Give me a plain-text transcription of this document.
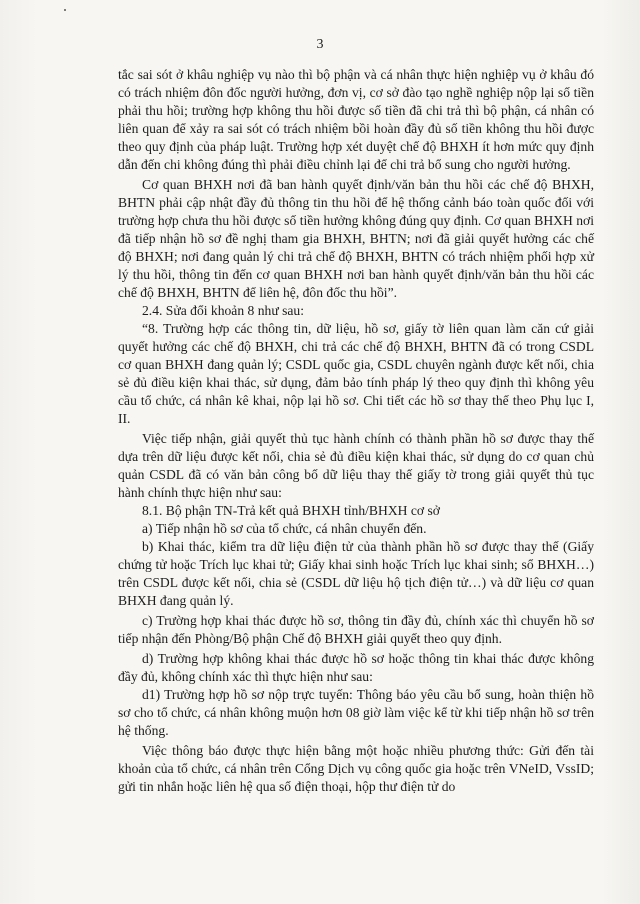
3

tắc sai sót ở khâu nghiệp vụ nào thì bộ phận và cá nhân thực hiện nghiệp vụ ở khâu đó có trách nhiệm đôn đốc người hưởng, đơn vị, cơ sở đào tạo nghề nghiệp nộp lại số tiền phải thu hồi; trường hợp không thu hồi được số tiền đã chi trả thì bộ phận, cá nhân có liên quan để xảy ra sai sót có trách nhiệm bồi hoàn đầy đủ số tiền không thu hồi được theo quy định của pháp luật. Trường hợp xét duyệt chế độ BHXH ít hơn mức quy định dẫn đến chi không đúng thì phải điều chỉnh lại để chi trả bổ sung cho người hưởng.

Cơ quan BHXH nơi đã ban hành quyết định/văn bản thu hồi các chế độ BHXH, BHTN phải cập nhật đầy đủ thông tin thu hồi để hệ thống cảnh báo toàn quốc đối với trường hợp chưa thu hồi được số tiền hưởng không đúng quy định. Cơ quan BHXH nơi đã tiếp nhận hồ sơ đề nghị tham gia BHXH, BHTN; nơi đã giải quyết hưởng các chế độ BHXH; nơi đang quản lý chi trả chế độ BHXH, BHTN có trách nhiệm phối hợp xử lý thu hồi, thông tin đến cơ quan BHXH nơi ban hành quyết định/văn bản thu hồi các chế độ BHXH, BHTN để liên hệ, đôn đốc thu hồi”.

2.4. Sửa đổi khoản 8 như sau:

“8. Trường hợp các thông tin, dữ liệu, hồ sơ, giấy tờ liên quan làm căn cứ giải quyết hưởng các chế độ BHXH, chi trả các chế độ BHXH, BHTN đã có trong CSDL cơ quan BHXH đang quản lý; CSDL quốc gia, CSDL chuyên ngành được kết nối, chia sẻ đủ điều kiện khai thác, sử dụng, đảm bảo tính pháp lý theo quy định thì không yêu cầu tổ chức, cá nhân kê khai, nộp lại hồ sơ. Chi tiết các hồ sơ thay thế theo Phụ lục I, II.

Việc tiếp nhận, giải quyết thủ tục hành chính có thành phần hồ sơ được thay thế dựa trên dữ liệu được kết nối, chia sẻ đủ điều kiện khai thác, sử dụng do cơ quan chủ quản CSDL đã có văn bản công bố dữ liệu thay thế giấy tờ trong giải quyết thủ tục hành chính thực hiện như sau:

8.1. Bộ phận TN-Trả kết quả BHXH tỉnh/BHXH cơ sở

a) Tiếp nhận hồ sơ của tổ chức, cá nhân chuyển đến.

b) Khai thác, kiểm tra dữ liệu điện tử của thành phần hồ sơ được thay thế (Giấy chứng tử hoặc Trích lục khai tử; Giấy khai sinh hoặc Trích lục khai sinh; sổ BHXH…) trên CSDL được kết nối, chia sẻ (CSDL dữ liệu hộ tịch điện tử…) và dữ liệu cơ quan BHXH đang quản lý.

c) Trường hợp khai thác được hồ sơ, thông tin đầy đủ, chính xác thì chuyển hồ sơ tiếp nhận đến Phòng/Bộ phận Chế độ BHXH giải quyết theo quy định.

d) Trường hợp không khai thác được hồ sơ hoặc thông tin khai thác được không đầy đủ, không chính xác thì thực hiện như sau:

d1) Trường hợp hồ sơ nộp trực tuyến: Thông báo yêu cầu bổ sung, hoàn thiện hồ sơ cho tổ chức, cá nhân không muộn hơn 08 giờ làm việc kể từ khi tiếp nhận hồ sơ trên hệ thống.

Việc thông báo được thực hiện bằng một hoặc nhiều phương thức: Gửi đến tài khoản của tổ chức, cá nhân trên Cổng Dịch vụ công quốc gia hoặc trên VNeID, VssID; gửi tin nhắn hoặc liên hệ qua số điện thoại, hộp thư điện tử do
